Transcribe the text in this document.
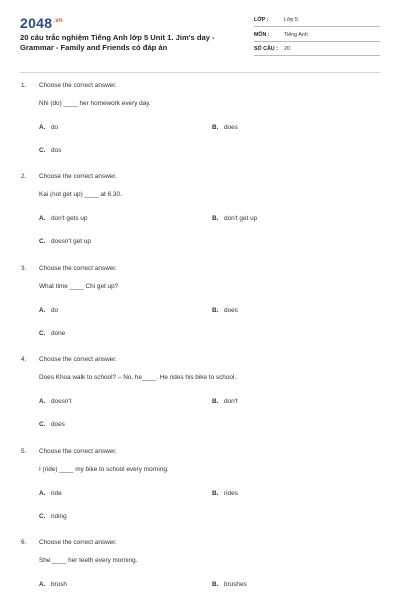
$2048^{.vn}$
20 câu trắc nghiệm Tiếng Anh lớp 5 Unit 1. Jim's day - Grammar - Family and Friends có đáp án
LỚP :	Lớp 5
MÔN :	Tiếng Anh
SỐ CÂU : 20
1. Choose the correct answer.
Nhi (do) ____ her homework every day.
A. do	B. does
C. dos
2. Choose the correct answer.
Kai (not get up) ____ at 6.30.
A. don't gets up	B. don't get up
C. doesn't get up
3. Choose the correct answer.
What time ____ Chi get up?
A. do	B. does
C. done
4. Choose the correct answer.
Does Khoa walk to school? – No, he____. He rides his bike to school.
A. doesn't	B. don't
C. does
5. Choose the correct answer.
I (ride) ____ my bike to school every morning.
A. ride	B. rides
C. riding
6. Choose the correct answer.
She ____ her teeth every morning.
A. brush	B. brushes
